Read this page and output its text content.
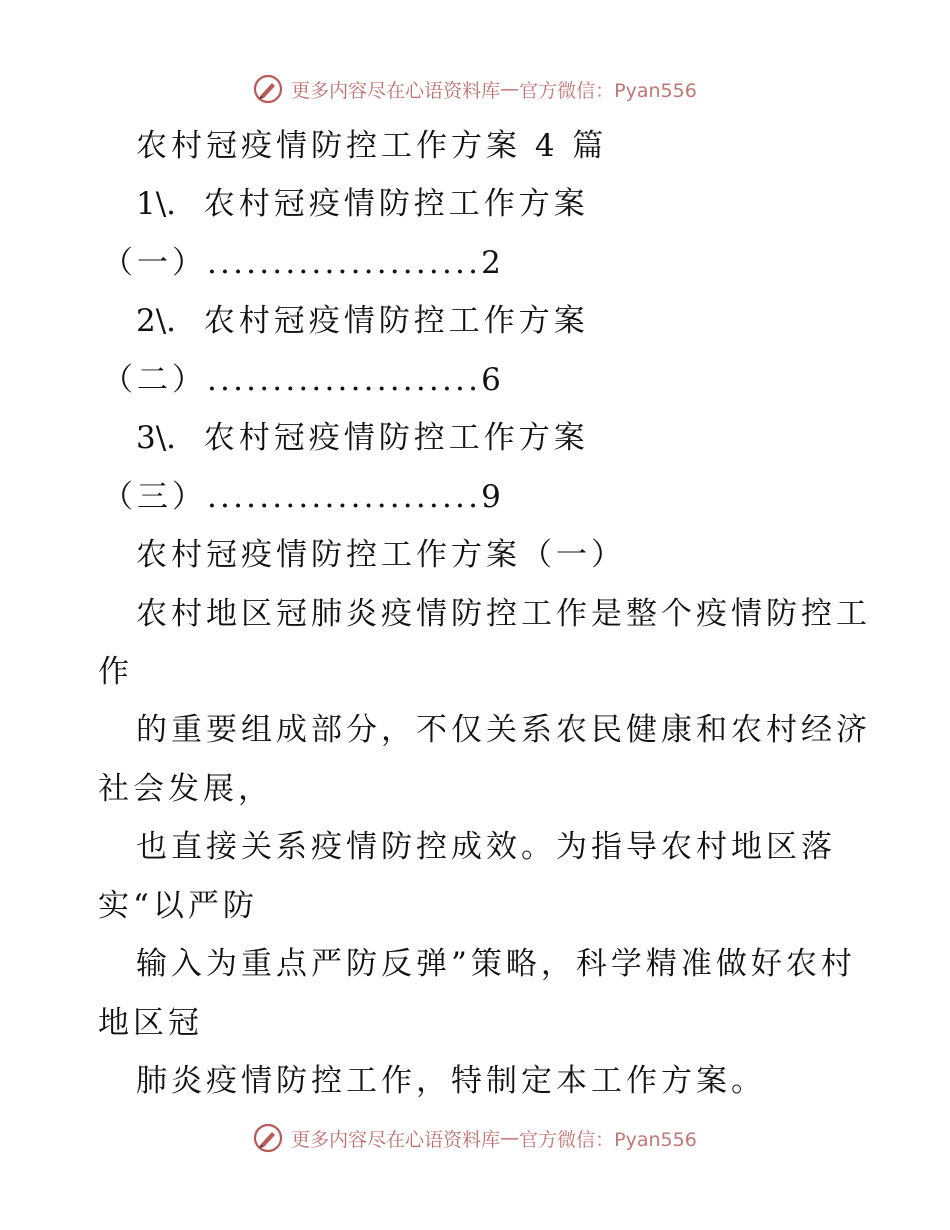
更多内容尽在心语资料库 — 官方微信：Pyan556
农村冠疫情防控工作方案 4 篇
1\. 农村冠疫情防控工作方案
（一）.....................2
2\. 农村冠疫情防控工作方案
（二）.....................6
3\. 农村冠疫情防控工作方案
（三）.....................9
农村冠疫情防控工作方案（一）
农村地区冠肺炎疫情防控工作是整个疫情防控工
作
的重要组成部分，不仅关系农民健康和农村经济
社会发展，
也直接关系疫情防控成效。为指导农村地区落
实“以严防
输入为重点严防反弹”策略，科学精准做好农村
地区冠
肺炎疫情防控工作，特制定本工作方案。
更多内容尽在心语资料库 — 官方微信：Pyan556
